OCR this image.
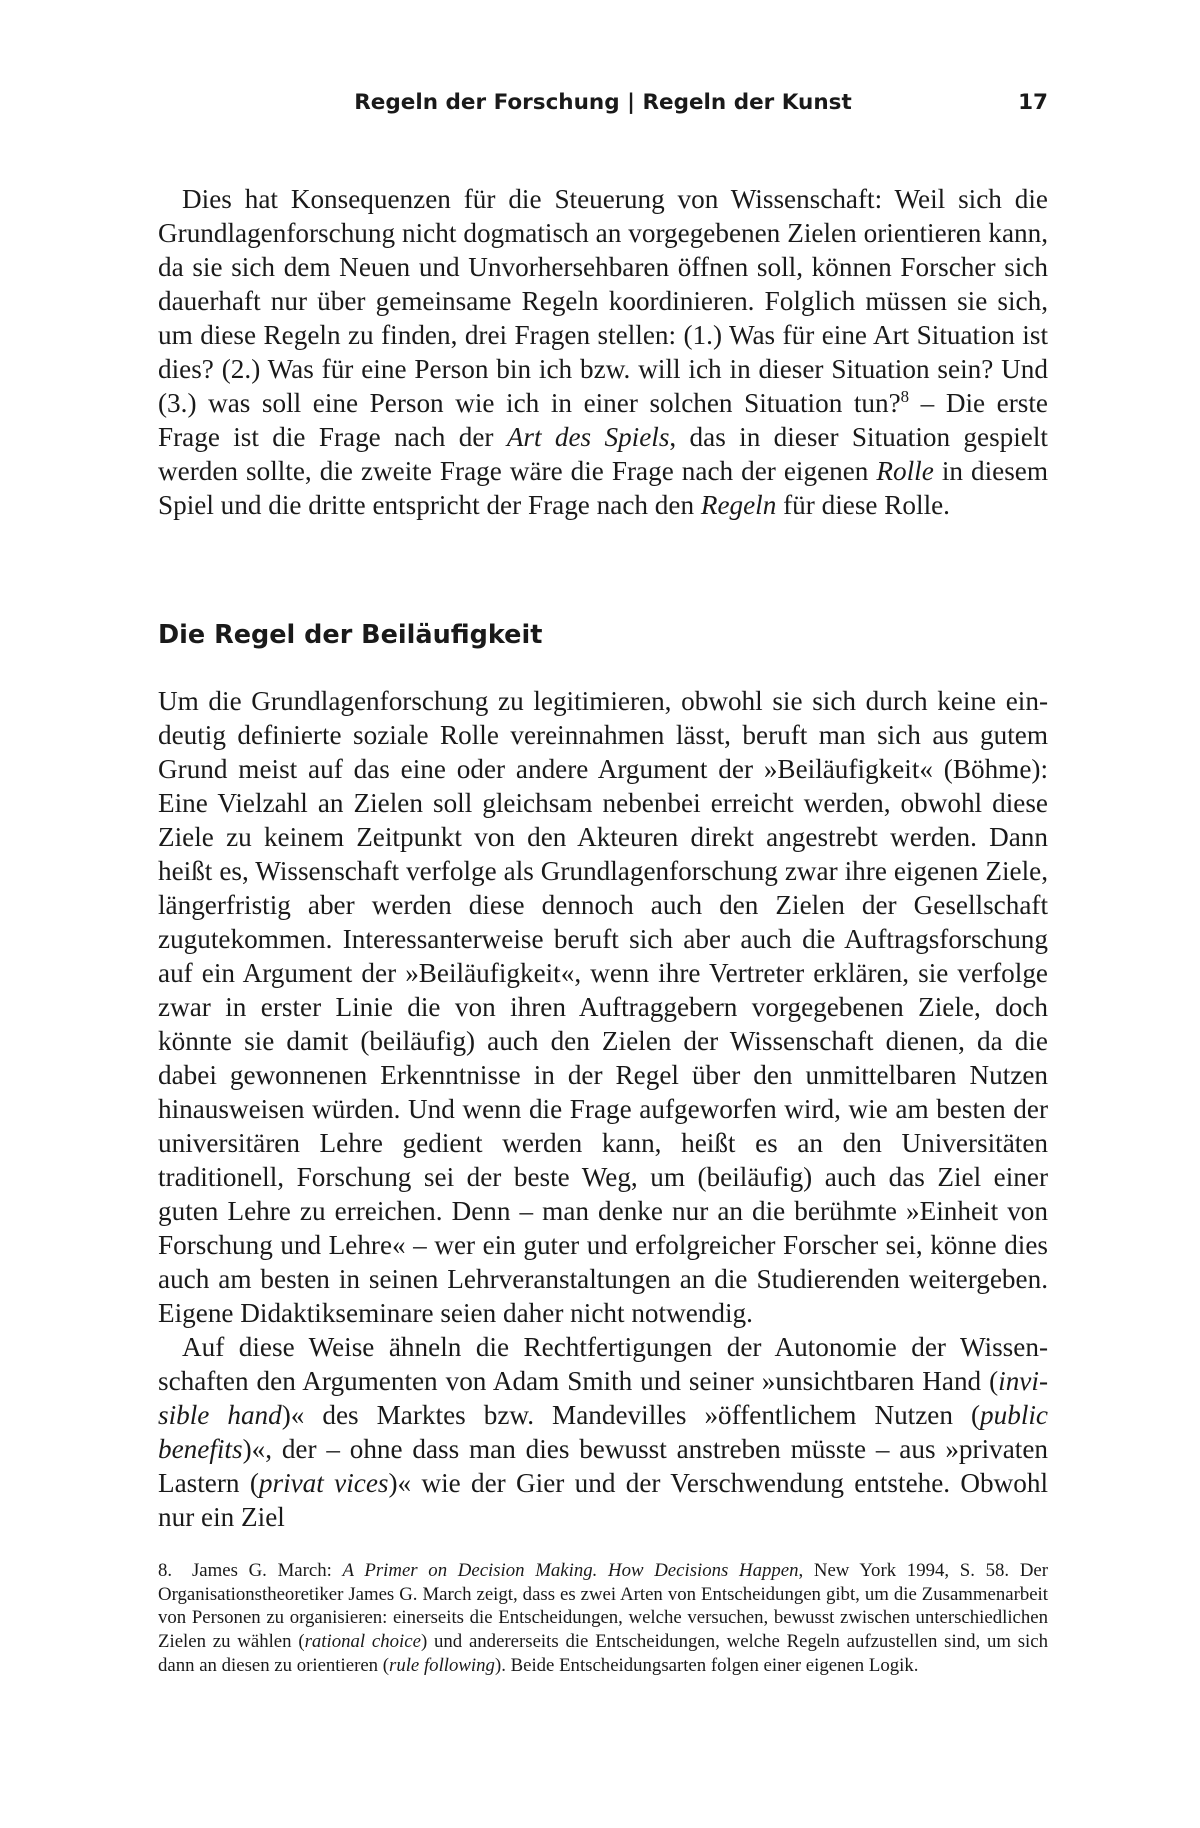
Regeln der Forschung | Regeln der Kunst	17

Dies hat Konsequenzen für die Steuerung von Wissenschaft: Weil sich die Grundlagenforschung nicht dogmatisch an vorgegebenen Zielen orientieren kann, da sie sich dem Neuen und Unvorhersehbaren öffnen soll, können Forscher sich dauerhaft nur über gemeinsame Regeln koordinieren. Folglich müssen sie sich, um diese Regeln zu finden, drei Fragen stellen: (1.) Was für eine Art Situation ist dies? (2.) Was für eine Person bin ich bzw. will ich in dieser Situation sein? Und (3.) was soll eine Person wie ich in einer solchen Situation tun?$^8$ – Die erste Frage ist die Frage nach der Art des Spiels, das in dieser Situation gespielt werden sollte, die zweite Frage wäre die Frage nach der eigenen Rolle in diesem Spiel und die dritte entspricht der Frage nach den Regeln für diese Rolle.

Die Regel der Beiläufigkeit

Um die Grundlagenforschung zu legitimieren, obwohl sie sich durch keine eindeutig definierte soziale Rolle vereinnahmen lässt, beruft man sich aus gutem Grund meist auf das eine oder andere Argument der »Beiläufigkeit« (Böhme): Eine Vielzahl an Zielen soll gleichsam nebenbei erreicht werden, obwohl diese Ziele zu keinem Zeitpunkt von den Akteuren direkt angestrebt werden. Dann heißt es, Wissenschaft verfolge als Grundlagenforschung zwar ihre eigenen Ziele, längerfristig aber werden diese dennoch auch den Zielen der Gesellschaft zugutekommen. Interessanterweise beruft sich aber auch die Auftragsforschung auf ein Argument der »Beiläufigkeit«, wenn ihre Vertreter erklären, sie verfolge zwar in erster Linie die von ihren Auftraggebern vorgegebenen Ziele, doch könnte sie damit (beiläufig) auch den Zielen der Wissenschaft dienen, da die dabei gewonnenen Erkenntnisse in der Regel über den unmittelbaren Nutzen hinausweisen würden. Und wenn die Frage aufgeworfen wird, wie am besten der universitären Lehre gedient werden kann, heißt es an den Universitäten traditionell, Forschung sei der beste Weg, um (beiläufig) auch das Ziel einer guten Lehre zu erreichen. Denn – man denke nur an die berühmte »Einheit von Forschung und Lehre« – wer ein guter und erfolgreicher Forscher sei, könne dies auch am besten in seinen Lehrveranstaltungen an die Studierenden weitergeben. Eigene Didaktikseminare seien daher nicht notwendig.

Auf diese Weise ähneln die Rechtfertigungen der Autonomie der Wissenschaften den Argumenten von Adam Smith und seiner »unsichtbaren Hand (invisible hand)« des Marktes bzw. Mandevilles »öffentlichem Nutzen (public benefits)«, der – ohne dass man dies bewusst anstreben müsste – aus »privaten Lastern (privat vices)« wie der Gier und der Verschwendung entstehe. Obwohl nur ein Ziel

8. James G. March: A Primer on Decision Making. How Decisions Happen, New York 1994, S. 58. Der Organisationstheoretiker James G. March zeigt, dass es zwei Arten von Entscheidungen gibt, um die Zusammenarbeit von Personen zu organisieren: einerseits die Entscheidungen, welche versuchen, bewusst zwischen unterschiedlichen Zielen zu wählen (rational choice) und andererseits die Entscheidungen, welche Regeln aufzustellen sind, um sich dann an diesen zu orientieren (rule following). Beide Entscheidungsarten folgen einer eigenen Logik.
